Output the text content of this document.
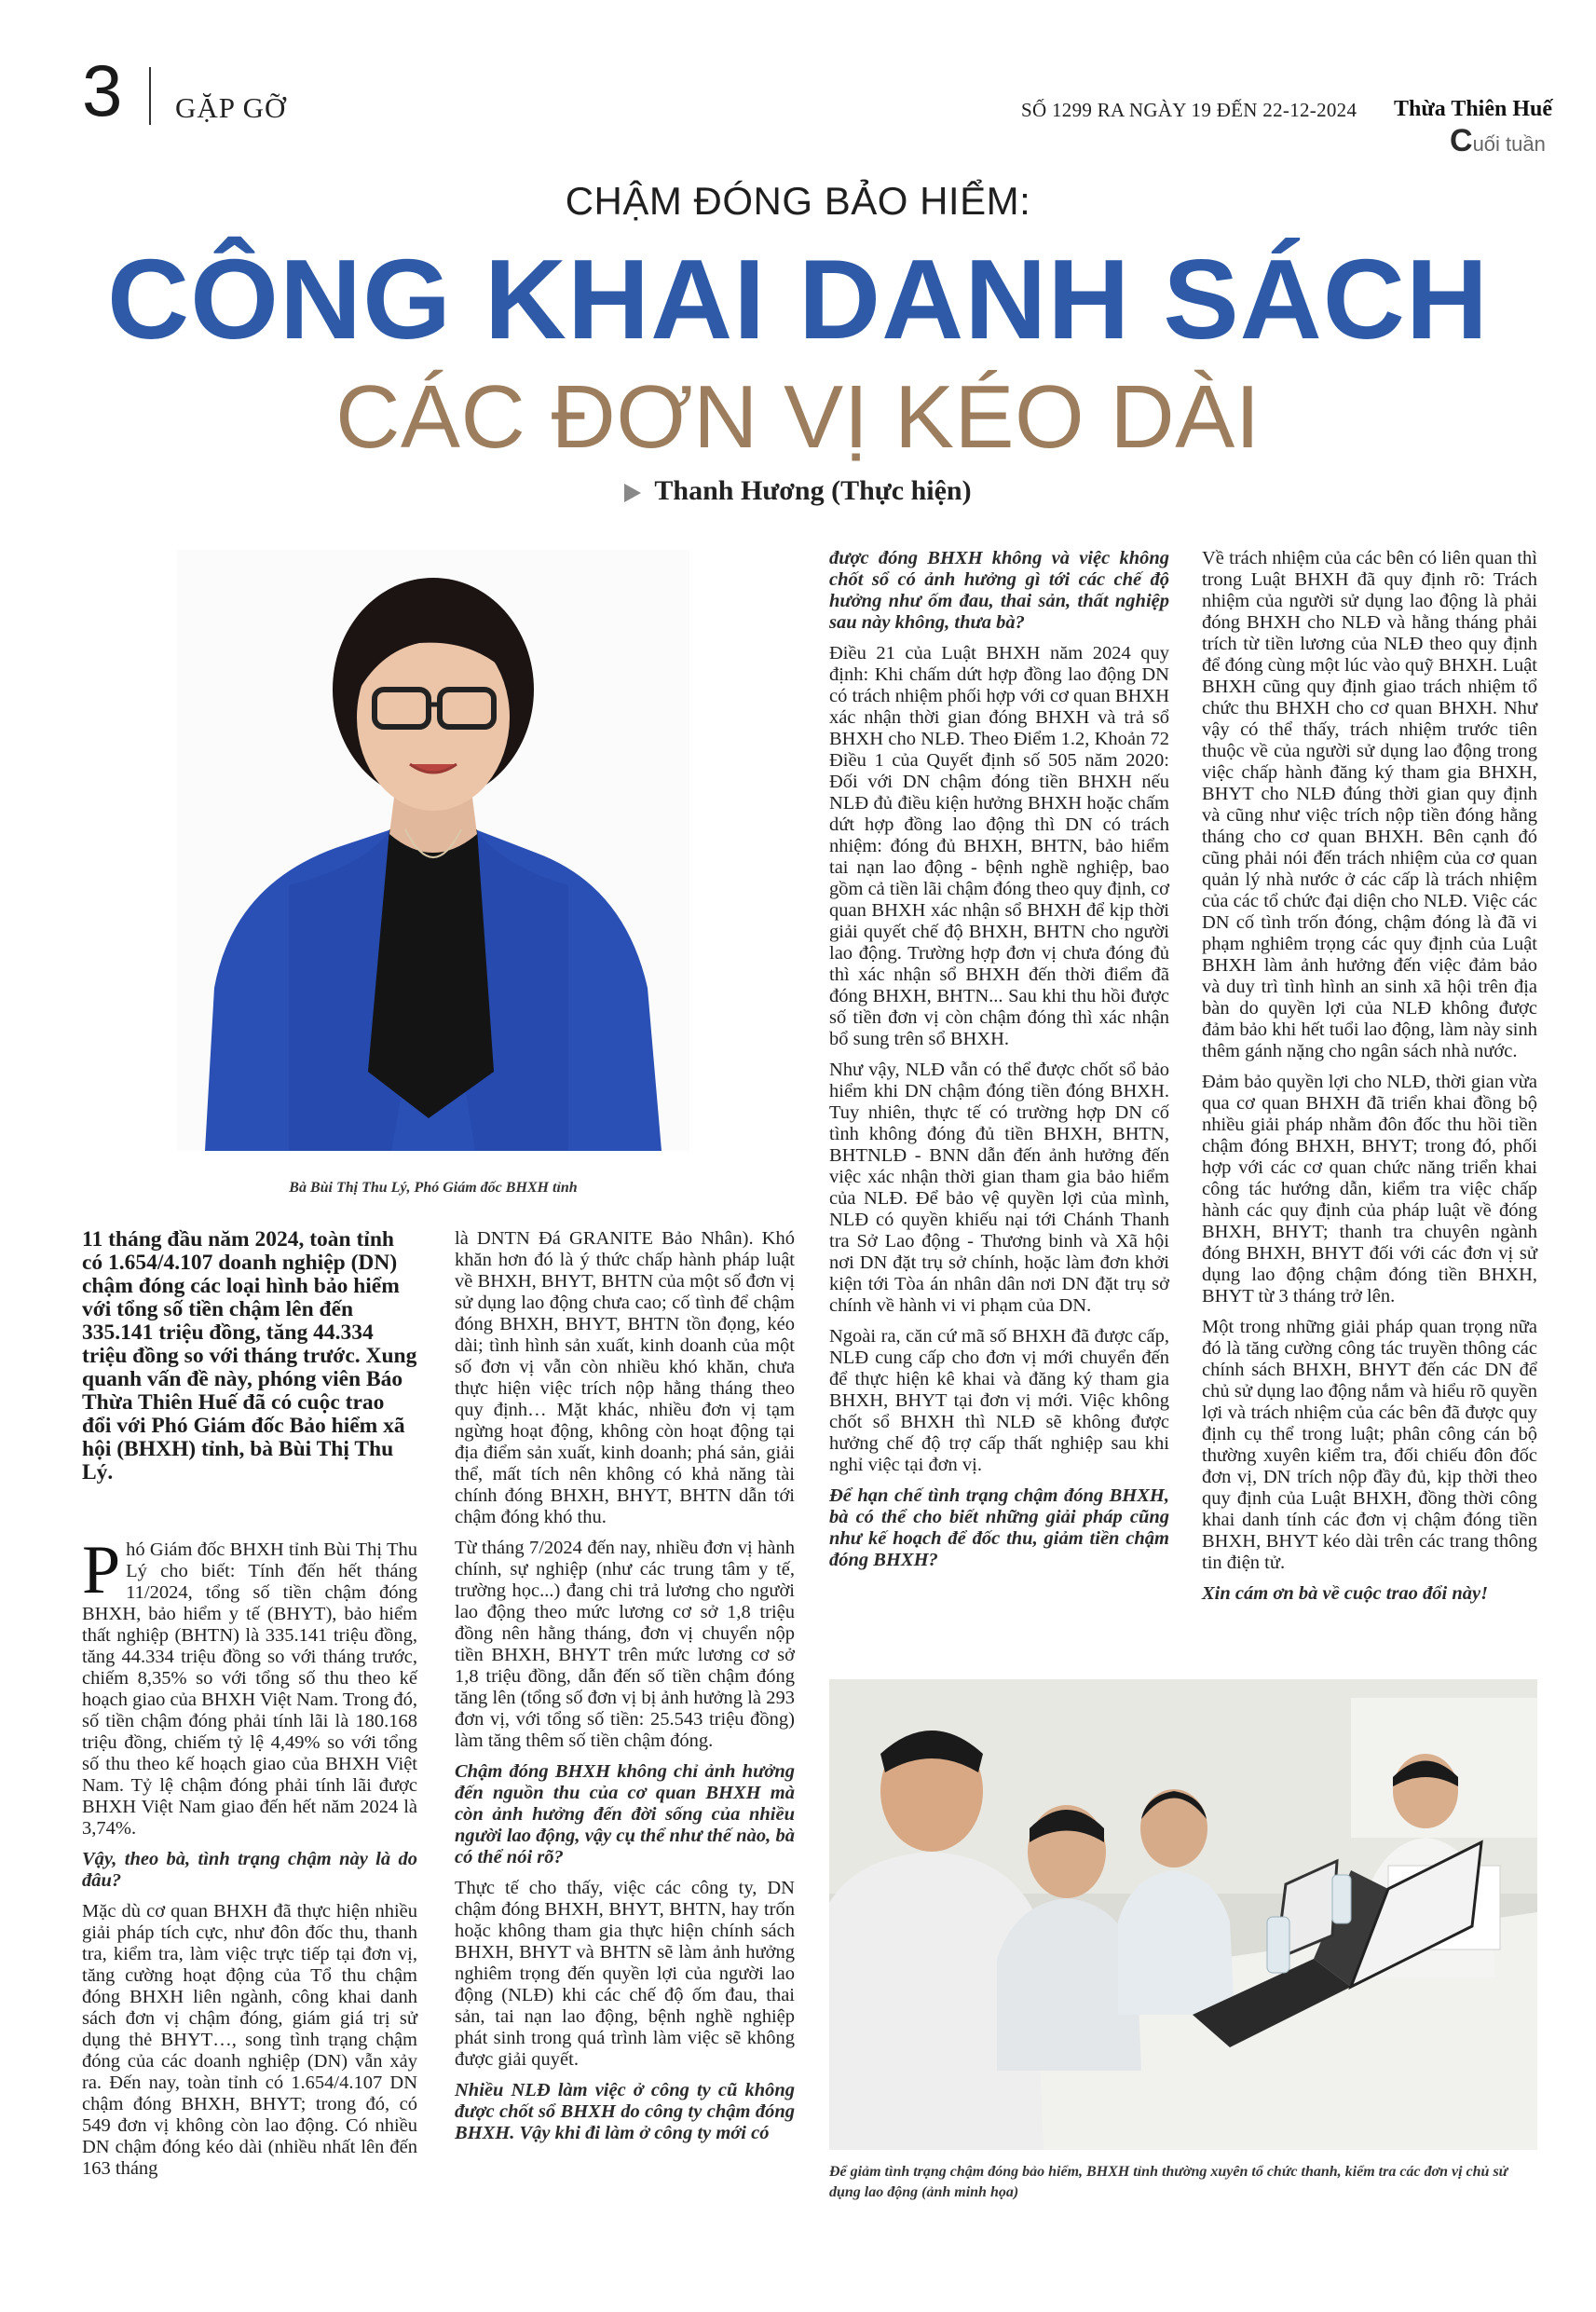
3 GẶP GỠ	SỐ 1299 RA NGÀY 19 ĐẾN 22-12-2024 Thừa Thiên Huế
Cuối tuần
CHẬM ĐÓNG BẢO HIỂM:
CÔNG KHAI DANH SÁCH
CÁC ĐƠN VỊ KÉO DÀI
Thanh Hương (Thực hiện)
Bà Bùi Thị Thu Lý, Phó Giám đốc BHXH tỉnh
11 tháng đầu năm 2024, toàn tỉnh có 1.654/4.107 doanh nghiệp (DN) chậm đóng các loại hình bảo hiểm với tổng số tiền chậm lên đến 335.141 triệu đồng, tăng 44.334 triệu đồng so với tháng trước. Xung quanh vấn đề này, phóng viên Báo Thừa Thiên Huế đã có cuộc trao đổi với Phó Giám đốc Bảo hiểm xã hội (BHXH) tỉnh, bà Bùi Thị Thu Lý.

Phó Giám đốc BHXH tỉnh Bùi Thị Thu Lý cho biết: Tính đến hết tháng 11/2024, tổng số tiền chậm đóng BHXH, bảo hiểm y tế (BHYT), bảo hiểm thất nghiệp (BHTN) là 335.141 triệu đồng, tăng 44.334 triệu đồng so với tháng trước, chiếm 8,35% so với tổng số thu theo kế hoạch giao của BHXH Việt Nam. Trong đó, số tiền chậm đóng phải tính lãi là 180.168 triệu đồng, chiếm tỷ lệ 4,49% so với tổng số thu theo kế hoạch giao của BHXH Việt Nam. Tỷ lệ chậm đóng phải tính lãi được BHXH Việt Nam giao đến hết năm 2024 là 3,74%.

Vậy, theo bà, tình trạng chậm này là do đâu?

Mặc dù cơ quan BHXH đã thực hiện nhiều giải pháp tích cực, như đôn đốc thu, thanh tra, kiểm tra, làm việc trực tiếp tại đơn vị, tăng cường hoạt động của Tổ thu chậm đóng BHXH liên ngành, công khai danh sách đơn vị chậm đóng, giám giá trị sử dụng thẻ BHYT…, song tình trạng chậm đóng của các doanh nghiệp (DN) vẫn xảy ra. Đến nay, toàn tỉnh có 1.654/4.107 DN chậm đóng BHXH, BHYT; trong đó, có 549 đơn vị không còn lao động. Có nhiều DN chậm đóng kéo dài (nhiều nhất lên đến 163 tháng

là DNTN Đá GRANITE Bảo Nhân). Khó khăn hơn đó là ý thức chấp hành pháp luật về BHXH, BHYT, BHTN của một số đơn vị sử dụng lao động chưa cao; cố tình để chậm đóng BHXH, BHYT, BHTN tồn đọng, kéo dài; tình hình sản xuất, kinh doanh của một số đơn vị vẫn còn nhiều khó khăn, chưa thực hiện việc trích nộp hằng tháng theo quy định… Mặt khác, nhiều đơn vị tạm ngừng hoạt động, không còn hoạt động tại địa điểm sản xuất, kinh doanh; phá sản, giải thể, mất tích nên không có khả năng tài chính đóng BHXH, BHYT, BHTN dẫn tới chậm đóng khó thu.

Từ tháng 7/2024 đến nay, nhiều đơn vị hành chính, sự nghiệp (như các trung tâm y tế, trường học...) đang chi trả lương cho người lao động theo mức lương cơ sở 1,8 triệu đồng nên hằng tháng, đơn vị chuyển nộp tiền BHXH, BHYT trên mức lương cơ sở 1,8 triệu đồng, dẫn đến số tiền chậm đóng tăng lên (tổng số đơn vị bị ảnh hưởng là 293 đơn vị, với tổng số tiền: 25.543 triệu đồng) làm tăng thêm số tiền chậm đóng.

Chậm đóng BHXH không chỉ ảnh hưởng đến nguồn thu của cơ quan BHXH mà còn ảnh hưởng đến đời sống của nhiều người lao động, vậy cụ thể như thế nào, bà có thể nói rõ?

Thực tế cho thấy, việc các công ty, DN chậm đóng BHXH, BHYT, BHTN, hay trốn hoặc không tham gia thực hiện chính sách BHXH, BHYT và BHTN sẽ làm ảnh hưởng nghiêm trọng đến quyền lợi của người lao động (NLĐ) khi các chế độ ốm đau, thai sản, tai nạn lao động, bệnh nghề nghiệp phát sinh trong quá trình làm việc sẽ không được giải quyết.

Nhiều NLĐ làm việc ở công ty cũ không được chốt sổ BHXH do công ty chậm đóng BHXH. Vậy khi đi làm ở công ty mới có

được đóng BHXH không và việc không chốt sổ có ảnh hưởng gì tới các chế độ hưởng như ốm đau, thai sản, thất nghiệp sau này không, thưa bà?

Điều 21 của Luật BHXH năm 2024 quy định: Khi chấm dứt hợp đồng lao động DN có trách nhiệm phối hợp với cơ quan BHXH xác nhận thời gian đóng BHXH và trả sổ BHXH cho NLĐ. Theo Điểm 1.2, Khoản 72 Điều 1 của Quyết định số 505 năm 2020: Đối với DN chậm đóng tiền BHXH nếu NLĐ đủ điều kiện hưởng BHXH hoặc chấm dứt hợp đồng lao động thì DN có trách nhiệm: đóng đủ BHXH, BHTN, bảo hiểm tai nạn lao động - bệnh nghề nghiệp, bao gồm cả tiền lãi chậm đóng theo quy định, cơ quan BHXH xác nhận sổ BHXH để kịp thời giải quyết chế độ BHXH, BHTN cho người lao động. Trường hợp đơn vị chưa đóng đủ thì xác nhận sổ BHXH đến thời điểm đã đóng BHXH, BHTN... Sau khi thu hồi được số tiền đơn vị còn chậm đóng thì xác nhận bổ sung trên sổ BHXH.

Như vậy, NLĐ vẫn có thể được chốt sổ bảo hiểm khi DN chậm đóng tiền đóng BHXH. Tuy nhiên, thực tế có trường hợp DN cố tình không đóng đủ tiền BHXH, BHTN, BHTNLĐ - BNN dẫn đến ảnh hưởng đến việc xác nhận thời gian tham gia bảo hiểm của NLĐ. Để bảo vệ quyền lợi của mình, NLĐ có quyền khiếu nại tới Chánh Thanh tra Sở Lao động - Thương binh và Xã hội nơi DN đặt trụ sở chính, hoặc làm đơn khởi kiện tới Tòa án nhân dân nơi DN đặt trụ sở chính về hành vi vi phạm của DN.

Ngoài ra, căn cứ mã số BHXH đã được cấp, NLĐ cung cấp cho đơn vị mới chuyển đến để thực hiện kê khai và đăng ký tham gia BHXH, BHYT tại đơn vị mới. Việc không chốt sổ BHXH thì NLĐ sẽ không được hưởng chế độ trợ cấp thất nghiệp sau khi nghỉ việc tại đơn vị.

Để hạn chế tình trạng chậm đóng BHXH, bà có thể cho biết những giải pháp cũng như kế hoạch để đốc thu, giảm tiền chậm đóng BHXH?

Về trách nhiệm của các bên có liên quan thì trong Luật BHXH đã quy định rõ: Trách nhiệm của người sử dụng lao động là phải đóng BHXH cho NLĐ và hằng tháng phải trích từ tiền lương của NLĐ theo quy định để đóng cùng một lúc vào quỹ BHXH. Luật BHXH cũng quy định giao trách nhiệm tổ chức thu BHXH cho cơ quan BHXH. Như vậy có thể thấy, trách nhiệm trước tiên thuộc về của người sử dụng lao động trong việc chấp hành đăng ký tham gia BHXH, BHYT cho NLĐ đúng thời gian quy định và cũng như việc trích nộp tiền đóng hằng tháng cho cơ quan BHXH. Bên cạnh đó cũng phải nói đến trách nhiệm của cơ quan quản lý nhà nước ở các cấp là trách nhiệm của các tổ chức đại diện cho NLĐ. Việc các DN cố tình trốn đóng, chậm đóng là đã vi phạm nghiêm trọng các quy định của Luật BHXH làm ảnh hưởng đến việc đảm bảo và duy trì tình hình an sinh xã hội trên địa bàn do quyền lợi của NLĐ không được đảm bảo khi hết tuổi lao động, làm này sinh thêm gánh nặng cho ngân sách nhà nước.

Đảm bảo quyền lợi cho NLĐ, thời gian vừa qua cơ quan BHXH đã triển khai đồng bộ nhiều giải pháp nhằm đôn đốc thu hồi tiền chậm đóng BHXH, BHYT; trong đó, phối hợp với các cơ quan chức năng triển khai công tác hướng dẫn, kiểm tra việc chấp hành các quy định của pháp luật về đóng BHXH, BHYT; thanh tra chuyên ngành đóng BHXH, BHYT đối với các đơn vị sử dụng lao động chậm đóng tiền BHXH, BHYT từ 3 tháng trở lên.

Một trong những giải pháp quan trọng nữa đó là tăng cường công tác truyền thông các chính sách BHXH, BHYT đến các DN để chủ sử dụng lao động nắm và hiểu rõ quyền lợi và trách nhiệm của các bên đã được quy định cụ thể trong luật; phân công cán bộ thường xuyên kiểm tra, đối chiếu đôn đốc đơn vị, DN trích nộp đầy đủ, kịp thời theo quy định của Luật BHXH, đồng thời công khai danh tính các đơn vị chậm đóng tiền BHXH, BHYT kéo dài trên các trang thông tin điện tử.

Xin cám ơn bà về cuộc trao đổi này!

Để giảm tình trạng chậm đóng bảo hiểm, BHXH tỉnh thường xuyên tổ chức thanh, kiểm tra các đơn vị chủ sử dụng lao động (ảnh minh họa)
